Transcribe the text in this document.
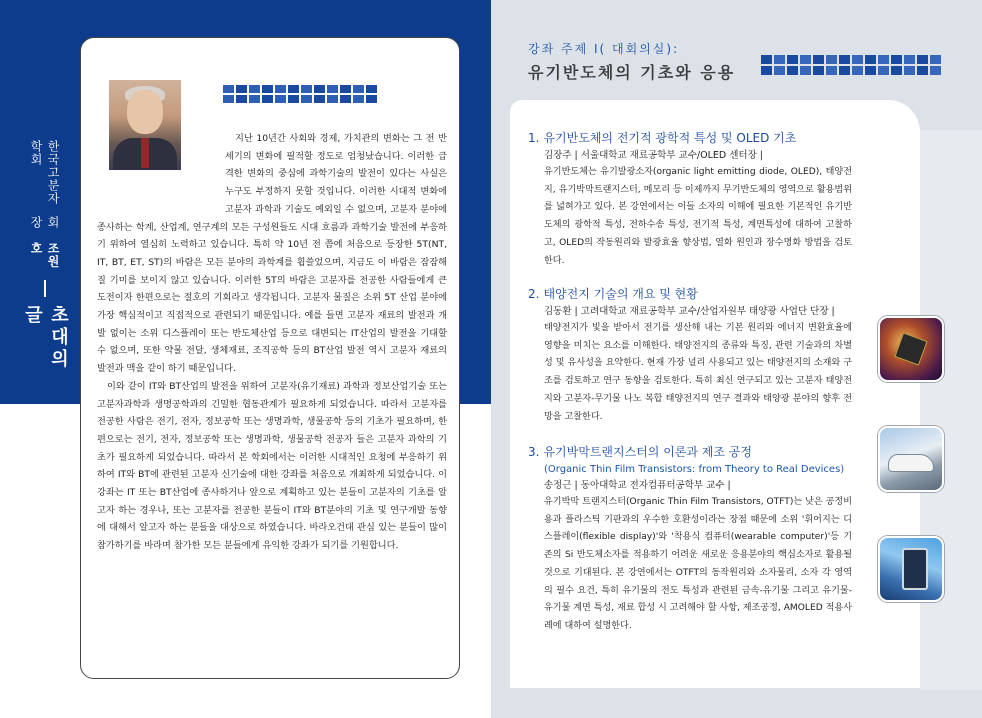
한국고분자학회
회장
조원호
초대의 글

지난 10년간 사회와 경제, 가치관의 변화는 그 전 반세기의 변화에 필적할 정도로 엄청났습니다. 이러한 급격한 변화의 중심에 과학기술의 발전이 있다는 사실은 누구도 부정하지 못할 것입니다. 이러한 시대적 변화에 고분자 과학과 기술도 예외일 수 없으며, 고분자 분야에 종사하는 학계, 산업계, 연구계의 모든 구성원들도 시대 흐름과 과학기술 발전에 부응하기 위하여 열심히 노력하고 있습니다. 특히 약 10년 전 쯤에 처음으로 등장한 5T(NT, IT, BT, ET, ST)의 바람은 모든 분야의 과학계를 휩쓸었으며, 지금도 이 바람은 잠잠해질 기미를 보이지 않고 있습니다. 이러한 5T의 바람은 고분자를 전공한 사람들에게 큰 도전이자 한편으로는 절호의 기회라고 생각됩니다. 고분자 물질은 소위 5T 산업 분야에 가장 핵심적이고 직접적으로 관련되기 때문입니다. 예를 들면 고분자 재료의 발전과 개발 없이는 소위 디스플레이 또는 반도체산업 등으로 대변되는 IT산업의 발전을 기대할 수 없으며, 또한 약물 전달, 생체재료, 조직공학 등의 BT산업 발전 역시 고분자 재료의 발전과 맥을 같이 하기 때문입니다.

이와 같이 IT와 BT산업의 발전을 위하여 고분자(유기재료) 과학과 정보산업기술 또는 고분자과학과 생명공학과의 긴밀한 협동관계가 필요하게 되었습니다. 따라서 고분자를 전공한 사람은 전기, 전자, 정보공학 또는 생명과학, 생물공학 등의 기초가 필요하며, 한편으로는 전기, 전자, 정보공학 또는 생명과학, 생물공학 전공자 들은 고분자 과학의 기초가 필요하게 되었습니다. 따라서 본 학회에서는 이러한 시대적인 요청에 부응하기 위하여 IT와 BT에 관련된 고분자 신기술에 대한 강좌를 처음으로 개최하게 되었습니다. 이 강좌는 IT 또는 BT산업에 종사하거나 앞으로 계획하고 있는 분들이 고분자의 기초를 알고자 하는 경우나, 또는 고분자를 전공한 분들이 IT와 BT분야의 기초 및 연구개발 동향에 대해서 알고자 하는 분들을 대상으로 하였습니다. 바라오건대 관심 있는 분들이 많이 참가하기를 바라며 참가한 모든 분들에게 유익한 강좌가 되기를 기원합니다.

강좌 주제 Ⅰ( 대회의실):
유기반도체의 기초와 응용
1. 유기반도체의 전기적 광학적 특성 및 OLED 기초
김장주 | 서울대학교 재료공학부 교수/OLED 센터장 |
유기반도체는 유기발광소자(organic light emitting diode, OLED), 태양전지, 유기박막트랜지스터, 메모리 등 이제까지 무기반도체의 영역으로 활용범위를 넓혀가고 있다. 본 강연에서는 이들 소자의 이해에 필요한 기본적인 유기반도체의 광학적 특성, 전하수송 특성, 전기적 특성, 계면특성에 대하여 고찰하고, OLED의 작동원리와 발광효율 향상법, 열화 원인과 장수명화 방법을 검토한다.
2. 태양전지 기술의 개요 및 현황
김동환 | 고려대학교 재료공학부 교수/산업자원부 태양광 사업단 단장 |
태양전지가 빛을 받아서 전기를 생산해 내는 기본 원리와 에너지 변환효율에 영향을 미치는 요소를 이해한다. 태양전지의 종류와 특징, 관련 기술과의 차별성 및 유사성을 요약한다. 현재 가장 널리 사용되고 있는 태양전지의 소재와 구조를 검토하고 연구 동향을 검토한다. 특히 최신 연구되고 있는 고분자 태양전지와 고분자-무기물 나노 복합 태양전지의 연구 결과와 태양광 분야의 향후 전망을 고찰한다.
3. 유기박막트랜지스터의 이론과 제조 공정
(Organic Thin Film Transistors: from Theory to Real Devices)
송정근 | 동아대학교 전자컴퓨터공학부 교수 |
유기박막 트랜지스터(Organic Thin Film Transistors, OTFT)는 낮은 공정비용과 플라스틱 기판과의 우수한 호환성이라는 장점 때문에 소위 '휘어지는 디스플레이(flexible display)'와 '착용식 컴퓨터(wearable computer)'등 기존의 Si 반도체소자를 적용하기 어려운 새로운 응용분야의 핵심소자로 활용될 것으로 기대된다. 본 강연에서는 OTFT의 동작원리와 소자물리, 소자 각 영역의 필수 요건, 특히 유기물의 전도 특성과 관련된 금속-유기물 그리고 유기물-유기물 계면 특성, 재료 합성 시 고려해야 할 사항, 제조공정, AMOLED 적용사례에 대하여 설명한다.
